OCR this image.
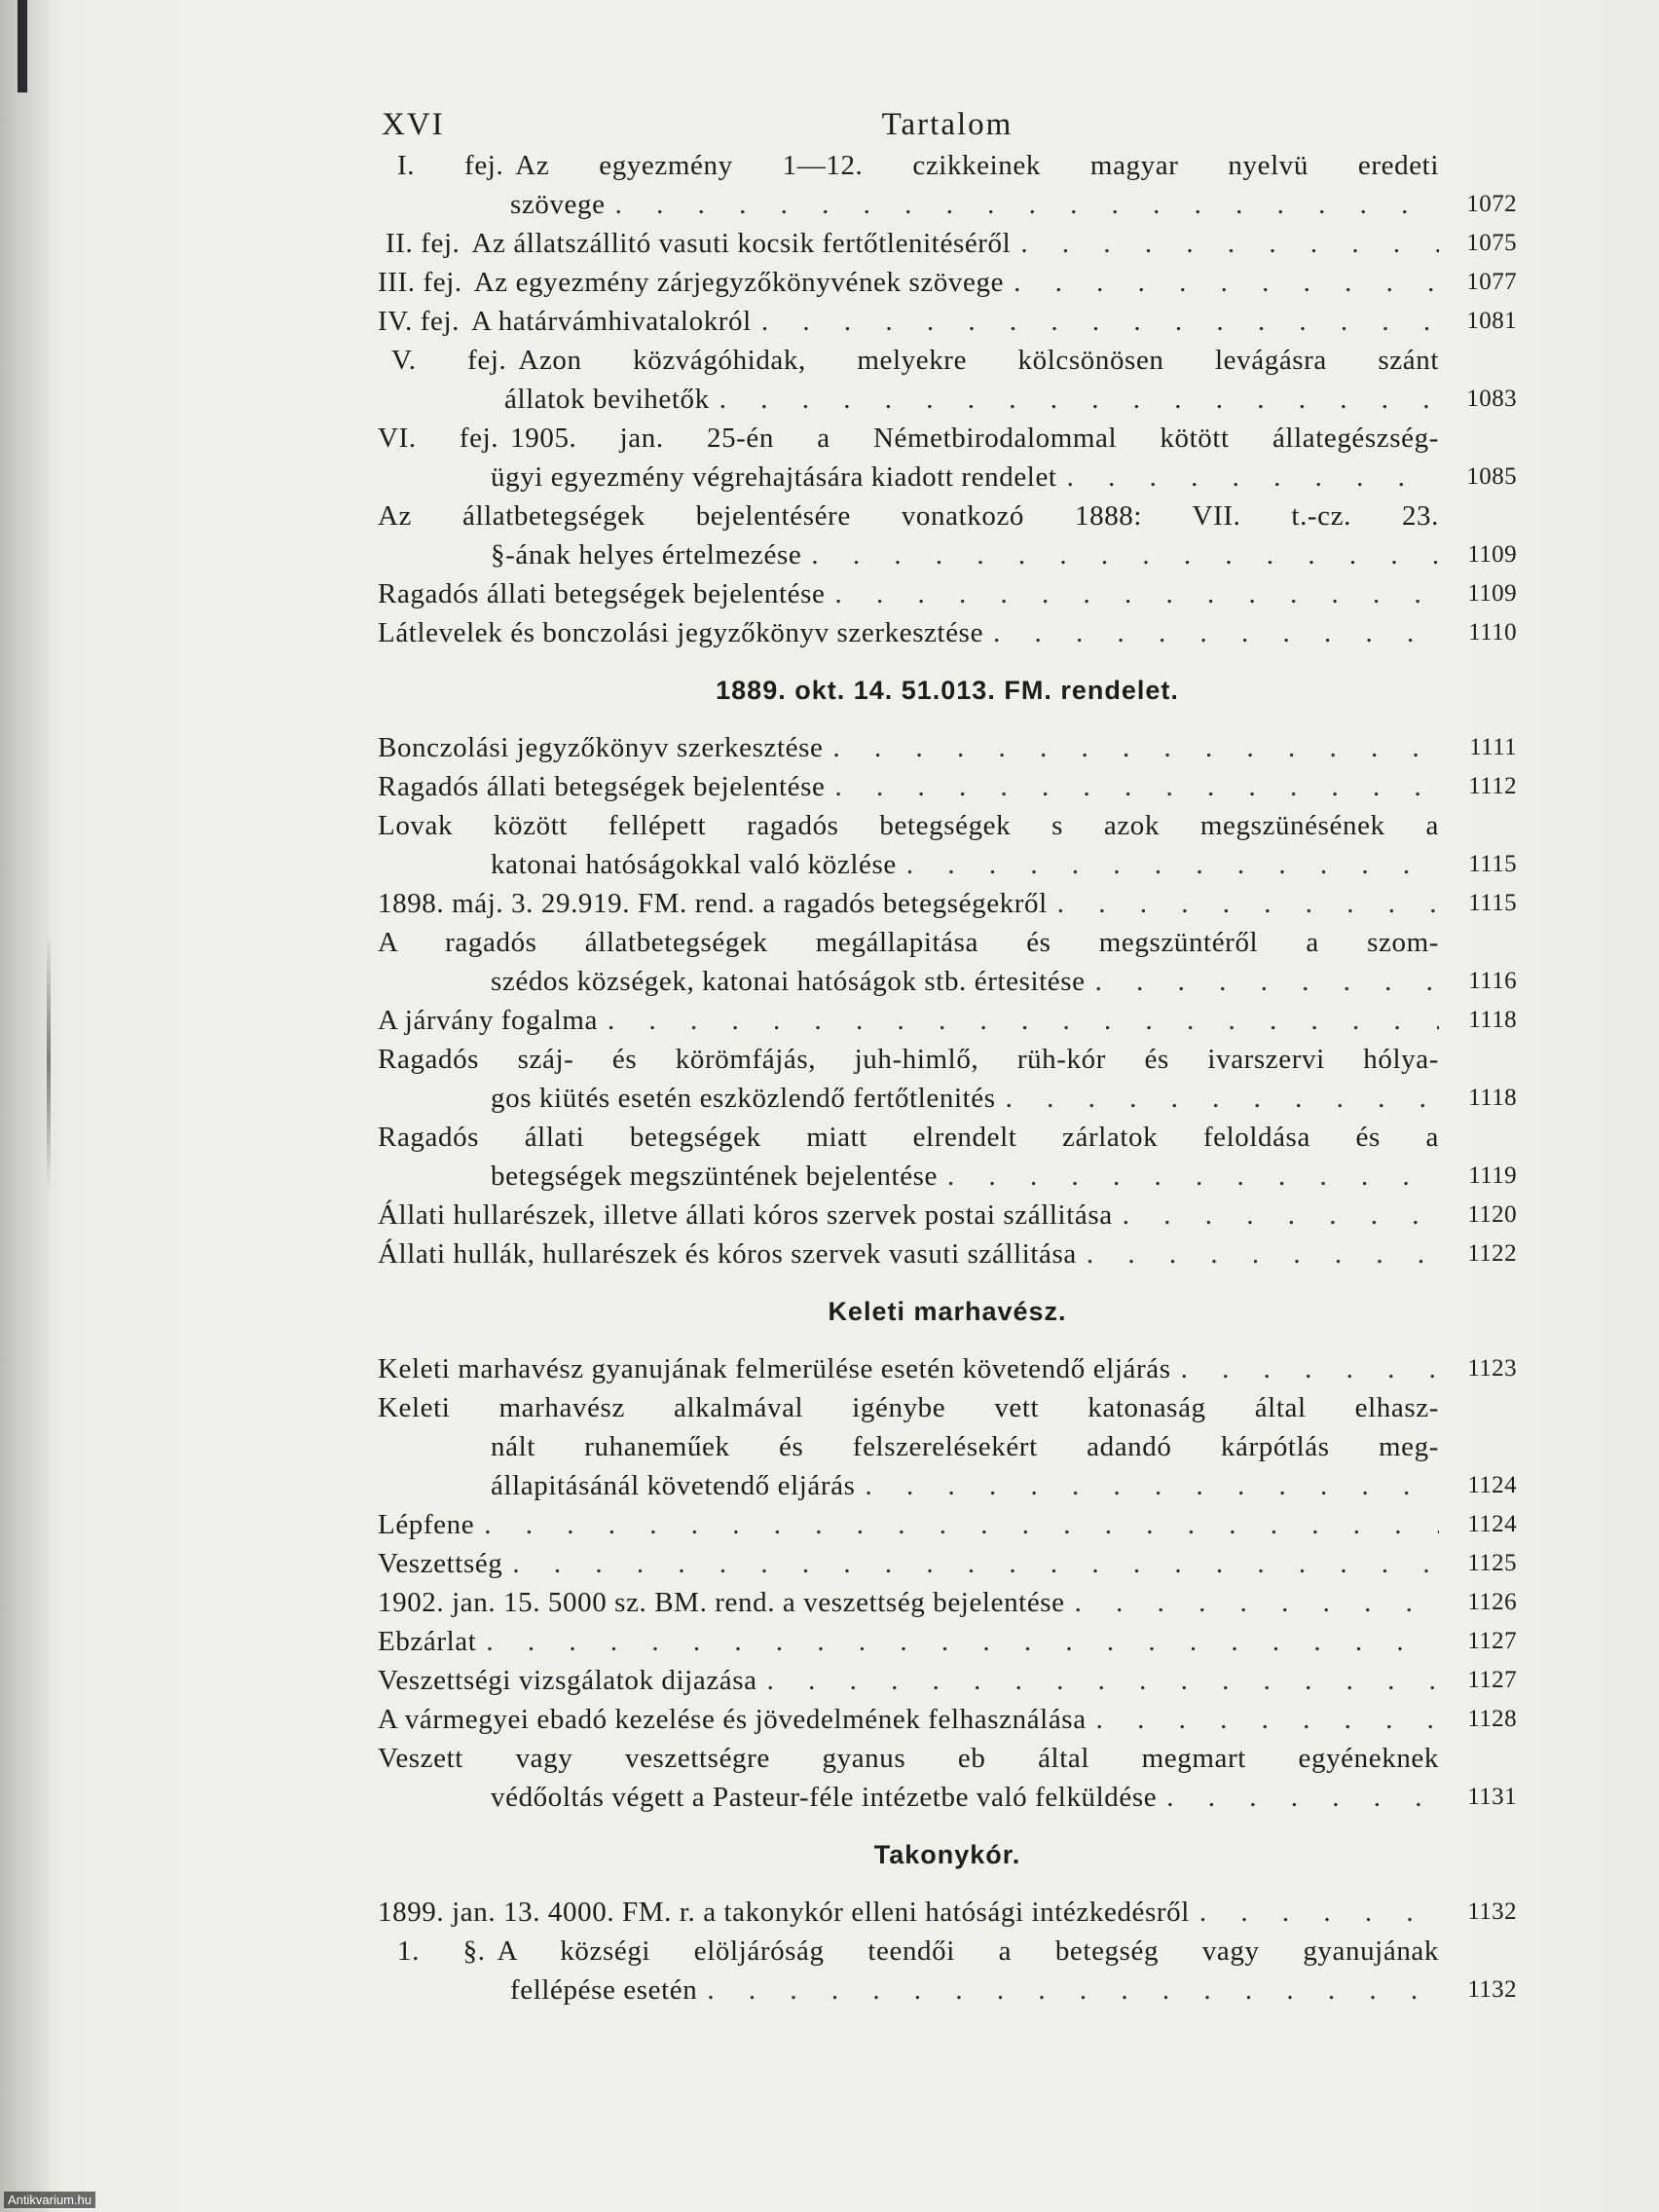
XVI	Tartalom
I. fej. Az egyezmény 1—12. czikkeinek magyar nyelvü eredeti
szövege . . .	1072
II. fej. Az állatszállitó vasuti kocsik fertőtlenitéséről . . .	1075
III. fej. Az egyezmény zárjegyzőkönyvének szövege . . .	1077
IV. fej. A határvámhivatalokról . . .	1081
V. fej. Azon közvágóhidak, melyekre kölcsönösen levágásra szánt
állatok bevihetők . . .	1083
VI. fej. 1905. jan. 25-én a Németbirodalommal kötött állategészség-
ügyi egyezmény végrehajtására kiadott rendelet . . .	1085
Az állatbetegségek bejelentésére vonatkozó 1888: VII. t.-cz. 23.
§-ának helyes értelmezése . . .	1109
Ragadós állati betegségek bejelentése . . .	1109
Látlevelek és bonczolási jegyzőkönyv szerkesztése . . .	1110
1889. okt. 14. 51.013. FM. rendelet.
Bonczolási jegyzőkönyv szerkesztése . . .	1111
Ragadós állati betegségek bejelentése . . .	1112
Lovak között fellépett ragadós betegségek s azok megszünésének a
katonai hatóságokkal való közlése . . .	1115
1898. máj. 3. 29.919. FM. rend. a ragadós betegségekről . . .	1115
A ragadós állatbetegségek megállapitása és megszüntéről a szom-
szédos községek, katonai hatóságok stb. értesitése . . .	1116
A járvány fogalma . . .	1118
Ragadós száj- és körömfájás, juh-himlő, rüh-kór és ivarszervi hólya-
gos kiütés esetén eszközlendő fertőtlenités . . .	1118
Ragadós állati betegségek miatt elrendelt zárlatok feloldása és a
betegségek megszüntének bejelentése . . .	1119
Állati hullarészek, illetve állati kóros szervek postai szállitása . . .	1120
Állati hullák, hullarészek és kóros szervek vasuti szállitása . . .	1122
Keleti marhavész.
Keleti marhavész gyanujának felmerülése esetén követendő eljárás . . .	1123
Keleti marhavész alkalmával igénybe vett katonaság által elhasz-
nált ruhaneműek és felszerelésekért adandó kárpótlás meg-
állapitásánál követendő eljárás . . .	1124
Lépfene . . .	1124
Veszettség . . .	1125
1902. jan. 15. 5000 sz. BM. rend. a veszettség bejelentése . . .	1126
Ebzárlat . . .	1127
Veszettségi vizsgálatok dijazása . . .	1127
A vármegyei ebadó kezelése és jövedelmének felhasználása . . .	1128
Veszett vagy veszettségre gyanus eb által megmart egyéneknek
védőoltás végett a Pasteur-féle intézetbe való felküldése . . .	1131
Takonykór.
1899. jan. 13. 4000. FM. r. a takonykór elleni hatósági intézkedésről . . .	1132
1. §. A községi elöljáróság teendői a betegség vagy gyanujának
fellépése esetén . . .	1132
Antikvarium.hu
